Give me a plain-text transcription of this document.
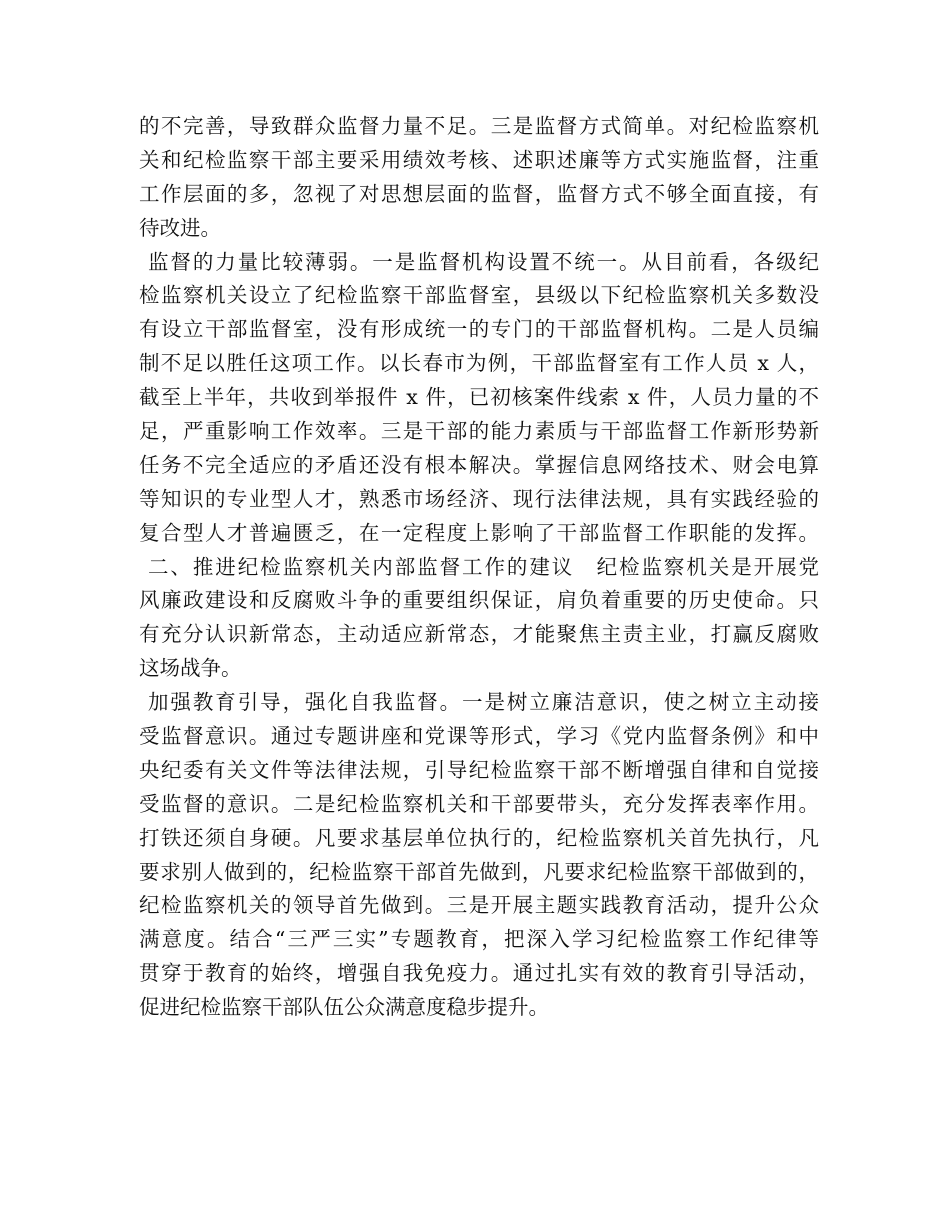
的不完善，导致群众监督力量不足。三是监督方式简单。对纪检监察机
关和纪检监察干部主要采用绩效考核、述职述廉等方式实施监督，注重
工作层面的多，忽视了对思想层面的监督，监督方式不够全面直接，有
待改进。
监督的力量比较薄弱。一是监督机构设置不统一。从目前看，各级纪
检监察机关设立了纪检监察干部监督室，县级以下纪检监察机关多数没
有设立干部监督室，没有形成统一的专门的干部监督机构。二是人员编
制不足以胜任这项工作。以长春市为例，干部监督室有工作人员 x 人，
截至上半年，共收到举报件 x 件，已初核案件线索 x 件，人员力量的不
足，严重影响工作效率。三是干部的能力素质与干部监督工作新形势新
任务不完全适应的矛盾还没有根本解决。掌握信息网络技术、财会电算
等知识的专业型人才，熟悉市场经济、现行法律法规，具有实践经验的
复合型人才普遍匮乏，在一定程度上影响了干部监督工作职能的发挥。
二、推进纪检监察机关内部监督工作的建议　纪检监察机关是开展党
风廉政建设和反腐败斗争的重要组织保证，肩负着重要的历史使命。只
有充分认识新常态，主动适应新常态，才能聚焦主责主业，打赢反腐败
这场战争。
加强教育引导，强化自我监督。一是树立廉洁意识，使之树立主动接
受监督意识。通过专题讲座和党课等形式，学习《党内监督条例》和中
央纪委有关文件等法律法规，引导纪检监察干部不断增强自律和自觉接
受监督的意识。二是纪检监察机关和干部要带头，充分发挥表率作用。
打铁还须自身硬。凡要求基层单位执行的，纪检监察机关首先执行，凡
要求别人做到的，纪检监察干部首先做到，凡要求纪检监察干部做到的，
纪检监察机关的领导首先做到。三是开展主题实践教育活动，提升公众
满意度。结合“三严三实”专题教育，把深入学习纪检监察工作纪律等
贯穿于教育的始终，增强自我免疫力。通过扎实有效的教育引导活动，
促进纪检监察干部队伍公众满意度稳步提升。
